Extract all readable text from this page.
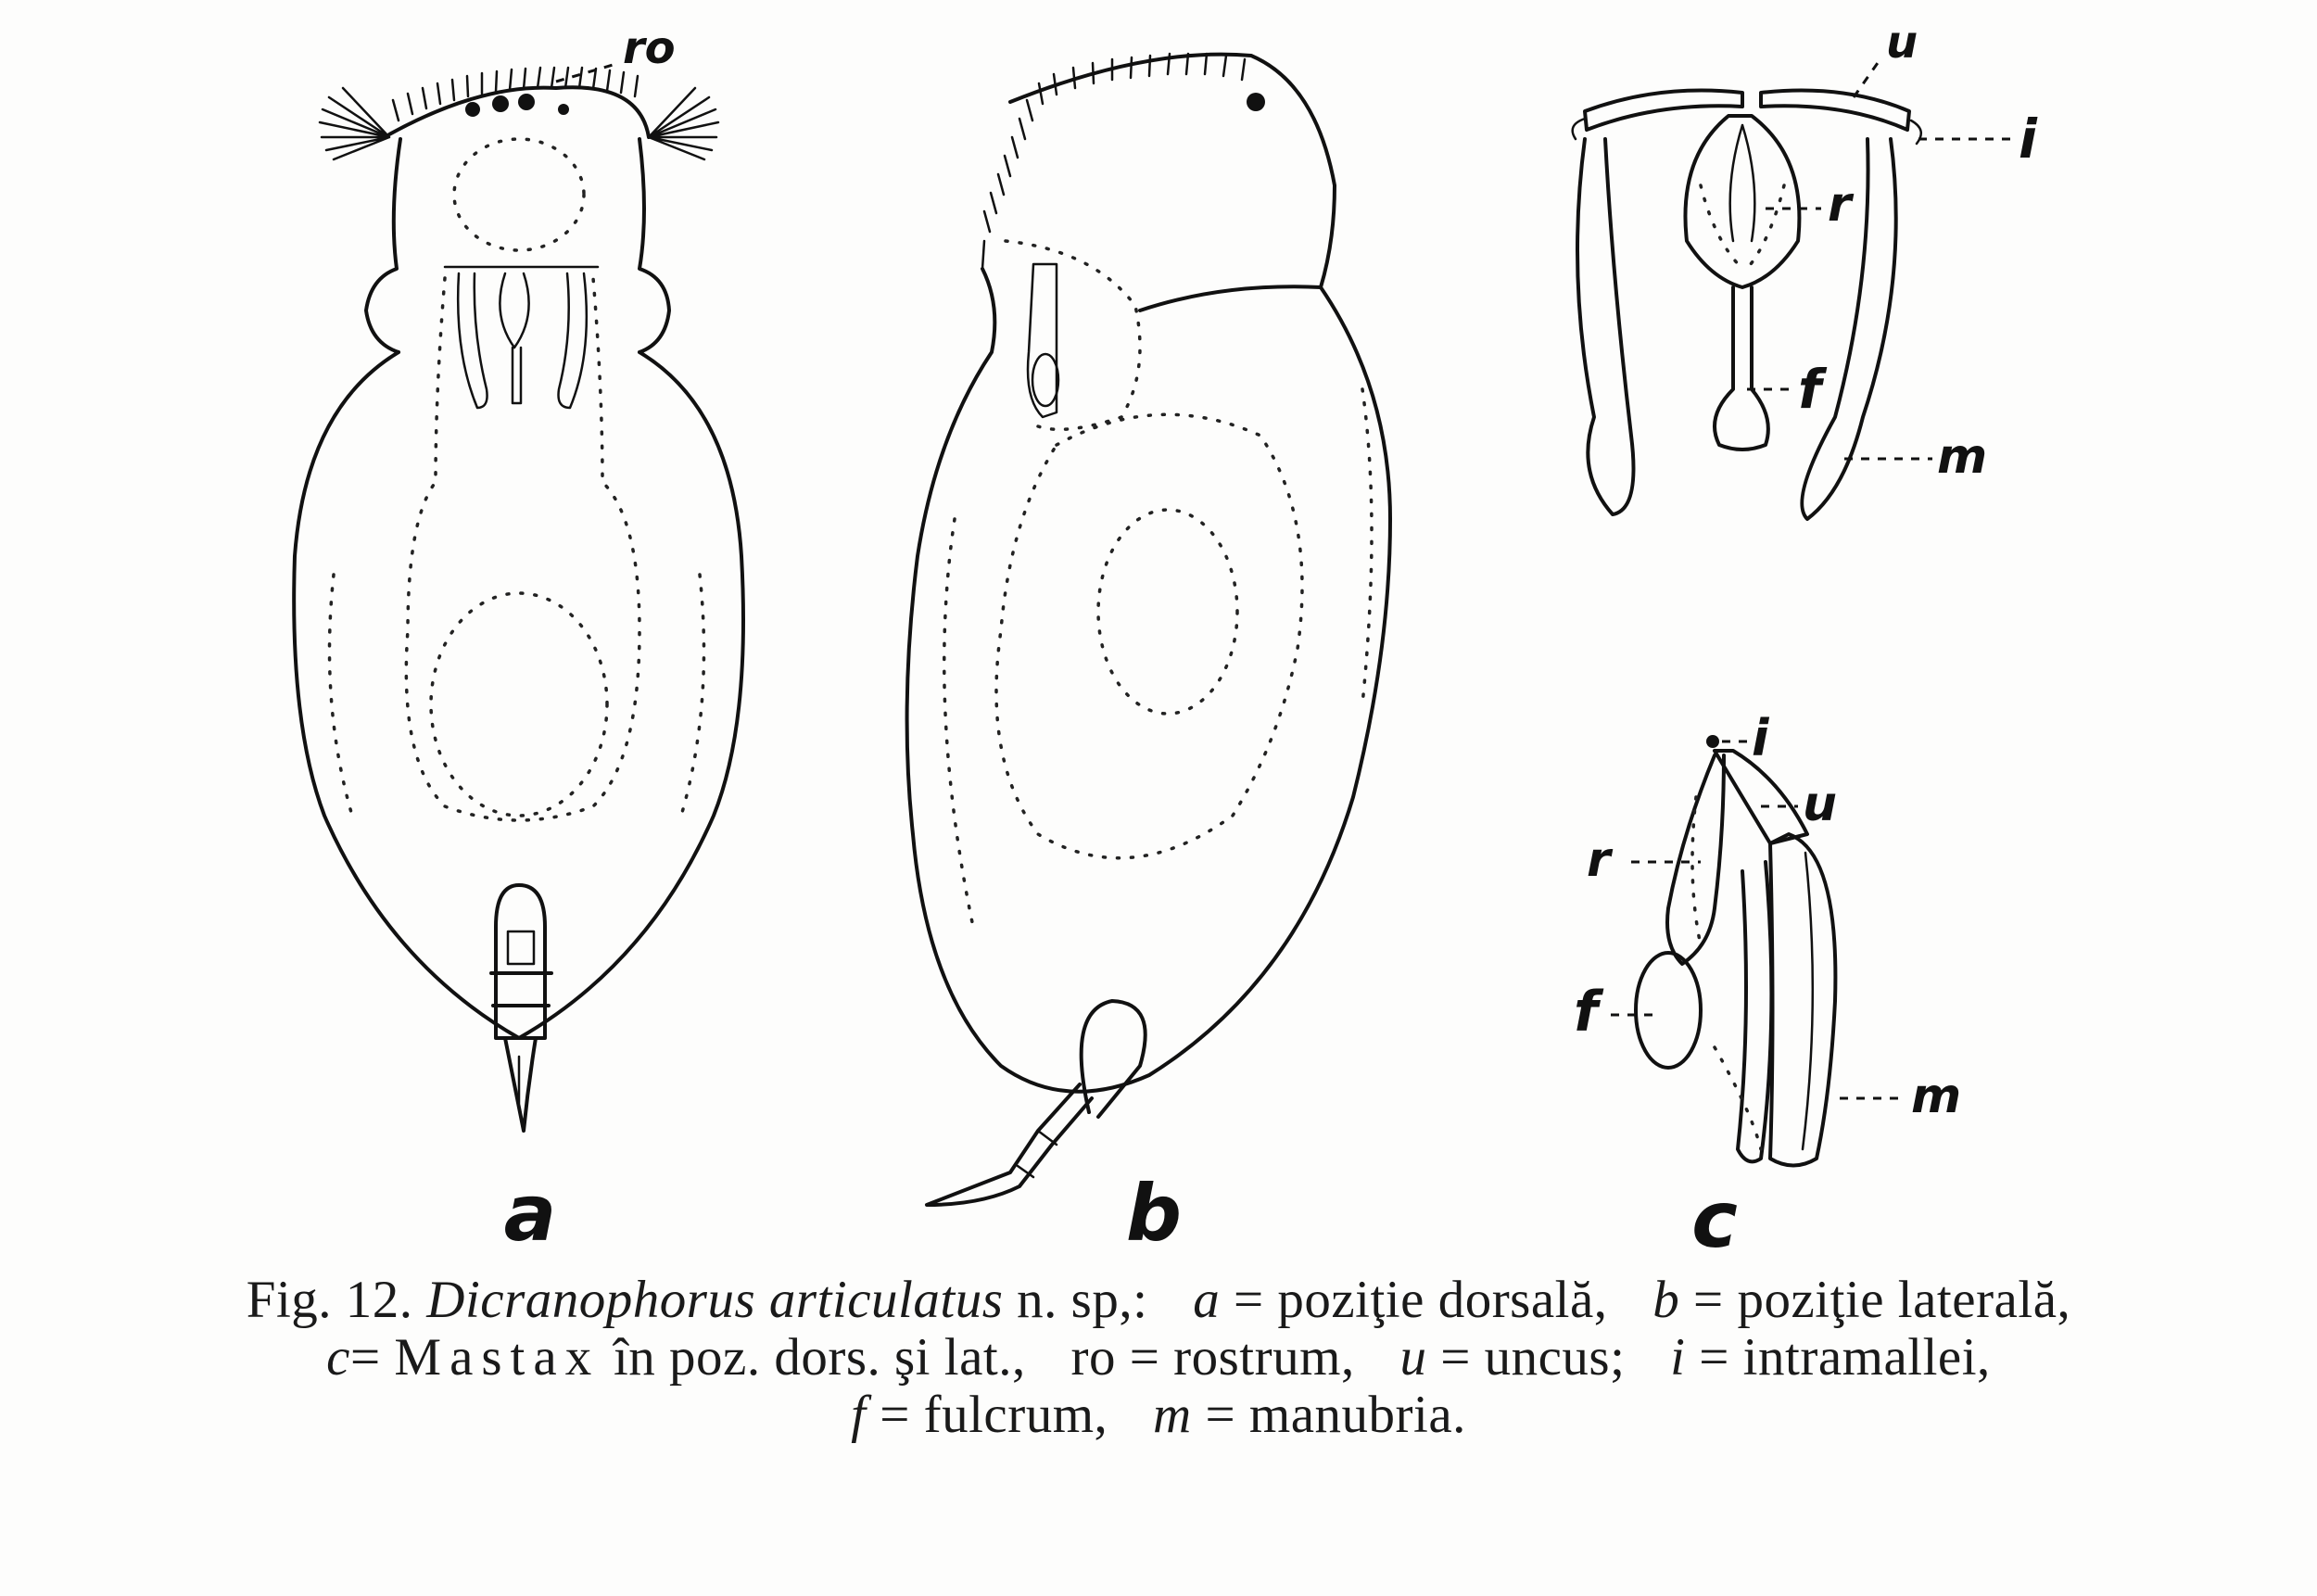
ro	u
i
r
f
m
i
u
r
f
m
a	b	c
Fig. 12. Dicranophorus articulatus n. sp,: a = poziţie dorsală, b = poziţie laterală,
c= Mastax în poz. dors. şi lat., ro = rostrum, u = uncus; i = intramallei,
f = fulcrum, m = manubria.
